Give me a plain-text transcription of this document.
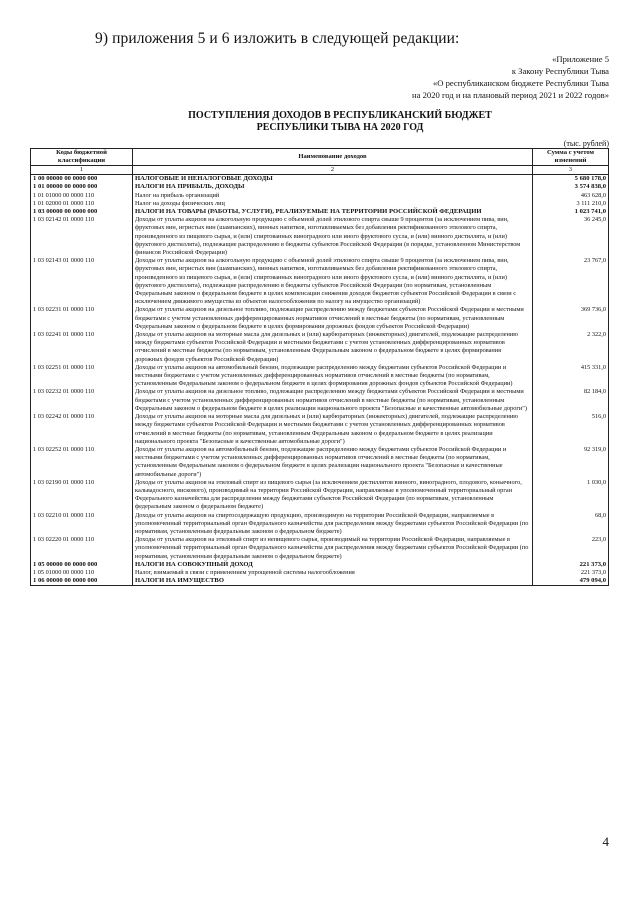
9) приложения 5 и 6 изложить в следующей редакции:
«Приложение 5
к Закону Республики Тыва
«О республиканском бюджете Республики Тыва
на 2020 год и на плановый период 2021 и 2022 годов»
ПОСТУПЛЕНИЯ ДОХОДОВ В РЕСПУБЛИКАНСКИЙ БЮДЖЕТ
РЕСПУБЛИКИ ТЫВА НА 2020 ГОД
(тыс. рублей)
Коды бюджетной классификации	Наименование доходов	Сумма с учетом изменений
1	2	3
1 00 00000 00 0000 000	НАЛОГОВЫЕ И НЕНАЛОГОВЫЕ ДОХОДЫ	5 680 178,0
1 01 00000 00 0000 000	НАЛОГИ НА ПРИБЫЛЬ, ДОХОДЫ	3 574 838,0
1 01 01000 00 0000 110	Налог на прибыль организаций	463 628,0
1 01 02000 01 0000 110	Налог на доходы физических лиц	3 111 210,0
1 03 00000 00 0000 000	НАЛОГИ НА ТОВАРЫ (РАБОТЫ, УСЛУГИ), РЕАЛИЗУЕМЫЕ НА ТЕРРИТОРИИ РОССИЙСКОЙ ФЕДЕРАЦИИ	1 023 741,0
1 03 02142 01 0000 110	Доходы от уплаты акцизов на алкогольную продукцию с объемной долей этилового спирта свыше 9 процентов (за исключением пива, вин, фруктовых вин, игристых вин (шампанских), винных напитков, изготавливаемых без добавления ректификованного этилового спирта, произведенного из пищевого сырья, и (или) спиртованных виноградного или иного фруктового сусла, и (или) винного дистиллята, и (или) фруктового дистиллята), подлежащие распределению в бюджеты субъектов Российской Федерации (в порядке, установленном Министерством финансов Российской Федерации)	36 245,0
1 03 02143 01 0000 110	Доходы от уплаты акцизов на алкогольную продукцию с объемной долей этилового спирта свыше 9 процентов (за исключением пива, вин, фруктовых вин, игристых вин (шампанских), винных напитков, изготавливаемых без добавления ректификованного этилового спирта, произведенного из пищевого сырья, и (или) спиртованных виноградного или иного фруктового сусла, и (или) винного дистиллята, и (или) фруктового дистиллята), подлежащие распределению в бюджеты субъектов Российской Федерации (по нормативам, установленным Федеральным законом о федеральном бюджете в целях компенсации снижения доходов бюджетов субъектов Российской Федерации в связи с исключением движимого имущества из объектов налогообложения по налогу на имущество организаций)	23 767,0
1 03 02231 01 0000 110	Доходы от уплаты акцизов на дизельное топливо, подлежащие распределению между бюджетами субъектов Российской Федерации и местными бюджетами с учетом установленных дифференцированных нормативов отчислений в местные бюджеты (по нормативам, установленным Федеральным законом о федеральном бюджете в целях формирования дорожных фондов субъектов Российской Федерации)	369 736,0
1 03 02241 01 0000 110	Доходы от уплаты акцизов на моторные масла для дизельных и (или) карбюраторных (инжекторных) двигателей, подлежащие распределению между бюджетами субъектов Российской Федерации и местными бюджетами с учетом установленных дифференцированных нормативов отчислений в местные бюджеты (по нормативам, установленным Федеральным законом о федеральном бюджете в целях формирования дорожных фондов субъектов Российской Федерации)	2 322,0
1 03 02251 01 0000 110	Доходы от уплаты акцизов на автомобильный бензин, подлежащие распределению между бюджетами субъектов Российской Федерации и местными бюджетами с учетом установленных дифференцированных нормативов отчислений в местные бюджеты (по нормативам, установленным Федеральным законом о федеральном бюджете в целях формирования дорожных фондов субъектов Российской Федерации)	415 331,0
1 03 02232 01 0000 110	Доходы от уплаты акцизов на дизельное топливо, подлежащие распределению между бюджетами субъектов Российской Федерации и местными бюджетами с учетом установленных дифференцированных нормативов отчислений в местные бюджеты (по нормативам, установленным Федеральным законом о федеральном бюджете в целях реализации национального проекта "Безопасные и качественные автомобильные дороги")	82 184,0
1 03 02242 01 0000 110	Доходы от уплаты акцизов на моторные масла для дизельных и (или) карбюраторных (инжекторных) двигателей, подлежащие распределению между бюджетами субъектов Российской Федерации и местными бюджетами с учетом установленных дифференцированных нормативов отчислений в местные бюджеты (по нормативам, установленным Федеральным законом о федеральном бюджете в целях реализации национального проекта "Безопасные и качественные автомобильные дороги")	516,0
1 03 02252 01 0000 110	Доходы от уплаты акцизов на автомобильный бензин, подлежащие распределению между бюджетами субъектов Российской Федерации и местными бюджетами с учетом установленных дифференцированных нормативов отчислений в местные бюджеты (по нормативам, установленным Федеральным законом о федеральном бюджете в целях реализации национального проекта "Безопасные и качественные автомобильные дороги")	92 319,0
1 03 02190 01 0000 110	Доходы от уплаты акцизов на этиловый спирт из пищевого сырья (за исключением дистиллятов винного, виноградного, плодового, коньячного, кальвадосного, вискового), производимый на территории Российской Федерации, направляемые в уполномоченный территориальный орган Федерального казначейства для распределения между бюджетами субъектов Российской Федерации (по нормативам, установленным федеральным законом о федеральном бюджете)	1 030,0
1 03 02210 01 0000 110	Доходы от уплаты акцизов на спиртосодержащую продукцию, производимую на территории Российской Федерации, направляемые в уполномоченный территориальный орган Федерального казначейства для распределения между бюджетами субъектов Российской Федерации (по нормативам, установленным федеральным законом о федеральном бюджете)	68,0
1 03 02220 01 0000 110	Доходы от уплаты акцизов на этиловый спирт из непищевого сырья, производимый на территории Российской Федерации, направляемые в уполномоченный территориальный орган Федерального казначейства для распределения между бюджетами субъектов Российской Федерации (по нормативам, установленным федеральным законом о федеральном бюджете)	223,0
1 05 00000 00 0000 000	НАЛОГИ НА СОВОКУПНЫЙ ДОХОД	221 373,0
1 05 01000 00 0000 110	Налог, взимаемый в связи с применением упрощенной системы налогообложения	221 373,0
1 06 00000 00 0000 000	НАЛОГИ НА ИМУЩЕСТВО	479 094,0
4
